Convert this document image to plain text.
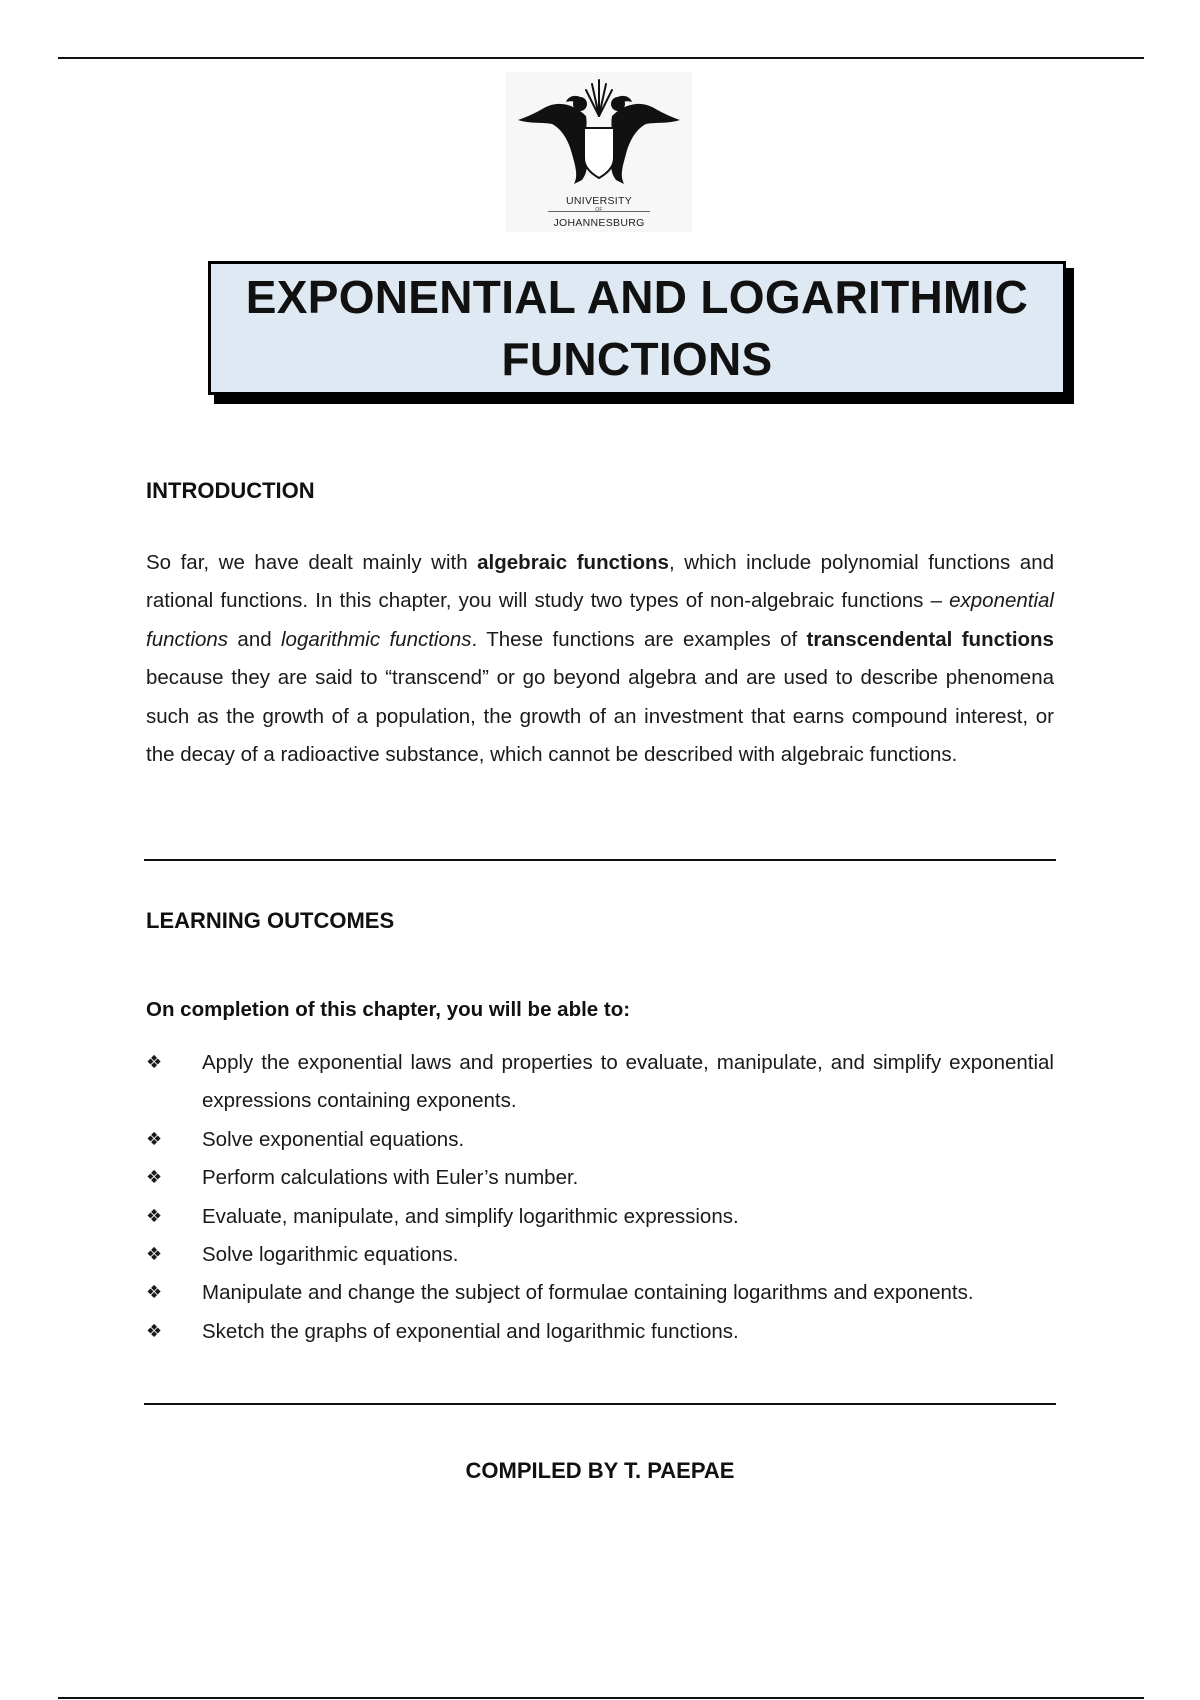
UNIVERSITY
OF
JOHANNESBURG
EXPONENTIAL AND LOGARITHMIC FUNCTIONS
INTRODUCTION
So far, we have dealt mainly with algebraic functions, which include polynomial functions and rational functions. In this chapter, you will study two types of non-algebraic functions – exponential functions and logarithmic functions. These functions are examples of transcendental functions because they are said to “transcend” or go beyond algebra and are used to describe phenomena such as the growth of a population, the growth of an investment that earns compound interest, or the decay of a radioactive substance, which cannot be described with algebraic functions.
LEARNING OUTCOMES
On completion of this chapter, you will be able to:
❖ Apply the exponential laws and properties to evaluate, manipulate, and simplify exponential expressions containing exponents.
❖ Solve exponential equations.
❖ Perform calculations with Euler’s number.
❖ Evaluate, manipulate, and simplify logarithmic expressions.
❖ Solve logarithmic equations.
❖ Manipulate and change the subject of formulae containing logarithms and exponents.
❖ Sketch the graphs of exponential and logarithmic functions.
COMPILED BY T. PAEPAE
